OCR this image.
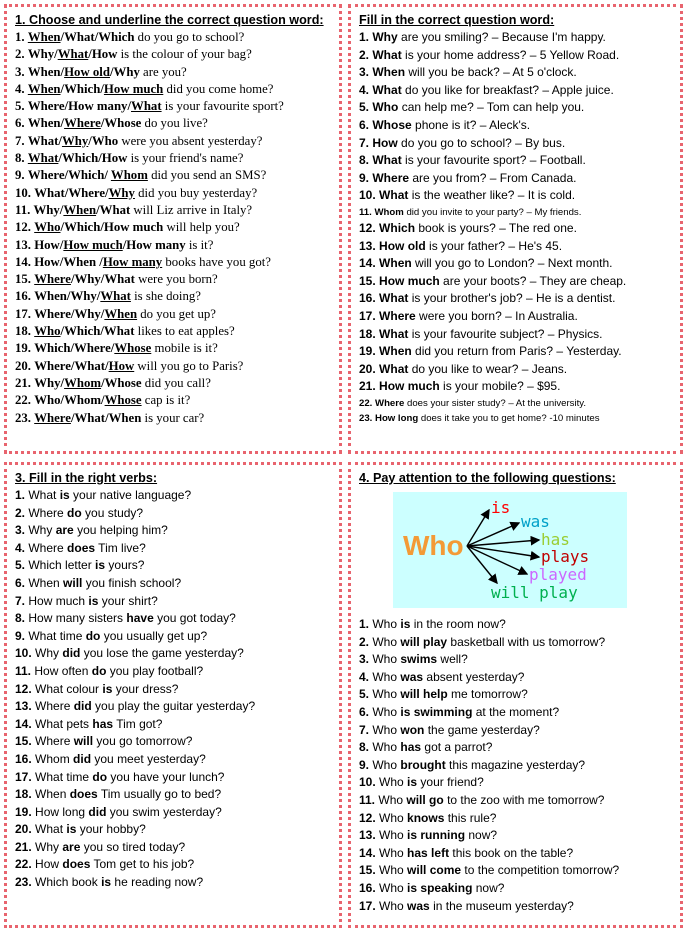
1. Choose and underline the correct question word:
1. When/What/Which do you go to school?
2. Why/What/How is the colour of your bag?
3. When/How old/Why are you?
4. When/Which/How much did you come home?
5. Where/How many/What is your favourite sport?
6. When/Where/Whose do you live?
7. What/Why/Who were you absent yesterday?
8. What/Which/How is your friend's name?
9. Where/Which/ Whom did you send an SMS?
10. What/Where/Why did you buy yesterday?
11. Why/When/What will Liz arrive in Italy?
12. Who/Which/How much will help you?
13. How/How much/How many is it?
14. How/When /How many books have you got?
15. Where/Why/What were you born?
16. When/Why/What is she doing?
17. Where/Why/When do you get up?
18. Who/Which/What likes to eat apples?
19. Which/Where/Whose mobile is it?
20. Where/What/How will you go to Paris?
21. Why/Whom/Whose did you call?
22. Who/Whom/Whose cap is it?
23. Where/What/When is your car?
Fill in the correct question word:
1. Why are you smiling? – Because I'm happy.
2. What is your home address? – 5 Yellow Road.
3. When will you be back? – At 5 o'clock.
4. What do you like for breakfast? – Apple juice.
5. Who can help me? – Tom can help you.
6. Whose phone is it? – Aleck's.
7. How do you go to school? – By bus.
8. What is your favourite sport? – Football.
9. Where are you from? – From Canada.
10. What is the weather like? – It is cold.
11. Whom did you invite to your party? – My friends.
12. Which book is yours? – The red one.
13. How old is your father? – He's 45.
14. When will you go to London? – Next month.
15. How much are your boots? – They are cheap.
16. What is your brother's job? – He is a dentist.
17. Where were you born? – In Australia.
18. What is your favourite subject? – Physics.
19. When did you return from Paris? – Yesterday.
20. What do you like to wear? – Jeans.
21. How much is your mobile? – $95.
22. Where does your sister study? – At the university.
23. How long does it take you to get home? -10 minutes
3. Fill in the right verbs:
1. What is your native language?
2. Where do you study?
3. Why are you helping him?
4. Where does Tim live?
5. Which letter is yours?
6. When will you finish school?
7. How much is your shirt?
8. How many sisters have you got today?
9. What time do you usually get up?
10. Why did you lose the game yesterday?
11. How often do you play football?
12. What colour is your dress?
13. Where did you play the guitar yesterday?
14. What pets has Tim got?
15. Where will you go tomorrow?
16. Whom did you meet yesterday?
17. What time do you have your lunch?
18. When does Tim usually go to bed?
19. How long did you swim yesterday?
20. What is your hobby?
21. Why are you so tired today?
22. How does Tom get to his job?
23. Which book is he reading now?
4. Pay attention to the following questions:
Who
is
was
has
plays
played
will play
1. Who is in the room now?
2. Who will play basketball with us tomorrow?
3. Who swims well?
4. Who was absent yesterday?
5. Who will help me tomorrow?
6. Who is swimming at the moment?
7. Who won the game yesterday?
8. Who has got a parrot?
9. Who brought this magazine yesterday?
10. Who is your friend?
11. Who will go to the zoo with me tomorrow?
12. Who knows this rule?
13. Who is running now?
14. Who has left this book on the table?
15. Who will come to the competition tomorrow?
16. Who is speaking now?
17. Who was in the museum yesterday?
